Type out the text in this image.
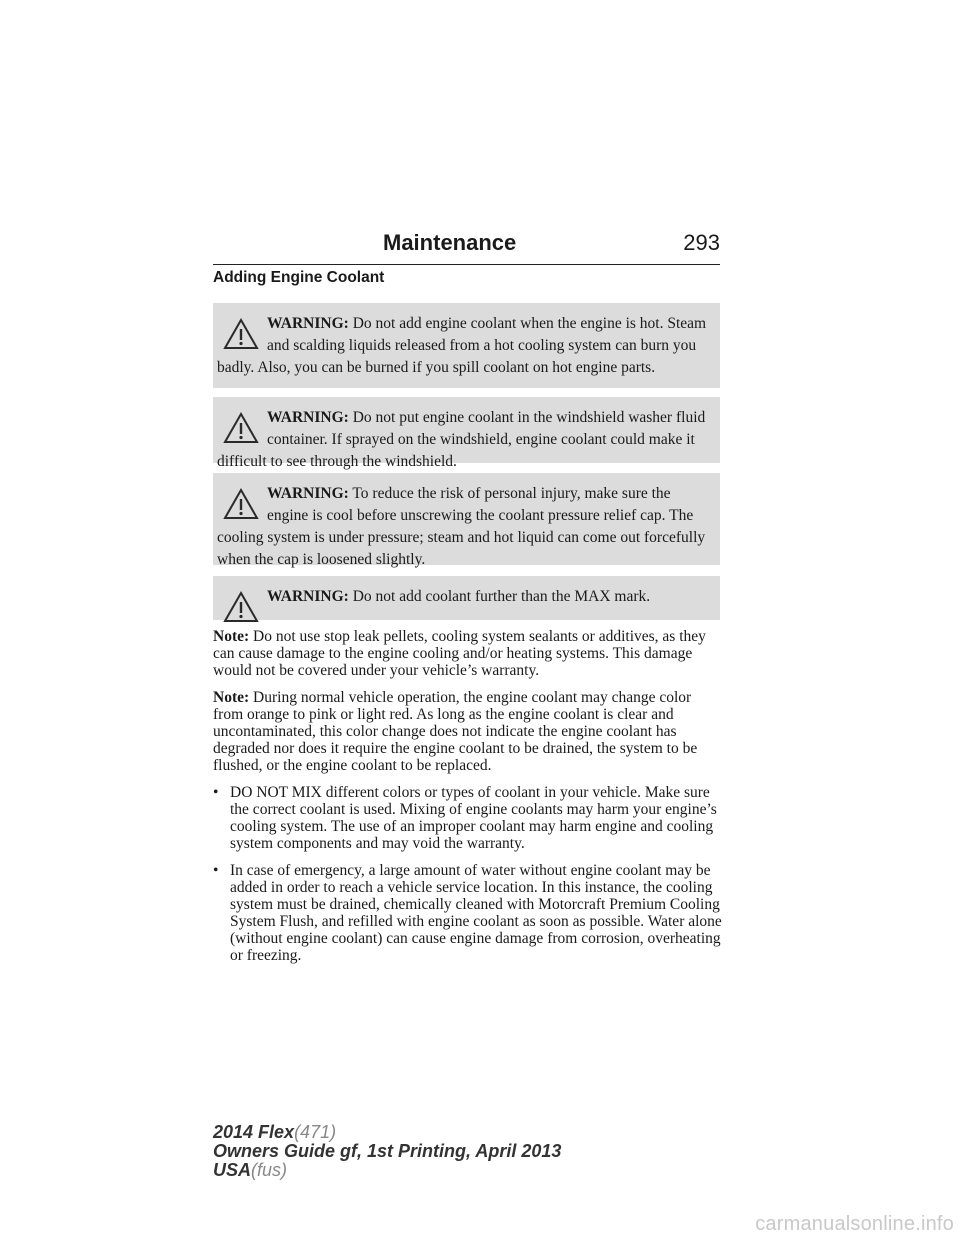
Maintenance	293
Adding Engine Coolant
WARNING: Do not add engine coolant when the engine is hot. Steam and scalding liquids released from a hot cooling system can burn you badly. Also, you can be burned if you spill coolant on hot engine parts.
WARNING: Do not put engine coolant in the windshield washer fluid container. If sprayed on the windshield, engine coolant could make it difficult to see through the windshield.
WARNING: To reduce the risk of personal injury, make sure the engine is cool before unscrewing the coolant pressure relief cap. The cooling system is under pressure; steam and hot liquid can come out forcefully when the cap is loosened slightly.
WARNING: Do not add coolant further than the MAX mark.

Note: Do not use stop leak pellets, cooling system sealants or additives, as they can cause damage to the engine cooling and/or heating systems. This damage would not be covered under your vehicle’s warranty.

Note: During normal vehicle operation, the engine coolant may change color from orange to pink or light red. As long as the engine coolant is clear and uncontaminated, this color change does not indicate the engine coolant has degraded nor does it require the engine coolant to be drained, the system to be flushed, or the engine coolant to be replaced.

• DO NOT MIX different colors or types of coolant in your vehicle. Make sure the correct coolant is used. Mixing of engine coolants may harm your engine’s cooling system. The use of an improper coolant may harm engine and cooling system components and may void the warranty.
• In case of emergency, a large amount of water without engine coolant may be added in order to reach a vehicle service location. In this instance, the cooling system must be drained, chemically cleaned with Motorcraft Premium Cooling System Flush, and refilled with engine coolant as soon as possible. Water alone (without engine coolant) can cause engine damage from corrosion, overheating or freezing.
2014 Flex(471)
Owners Guide gf, 1st Printing, April 2013
USA(fus)
carmanualsonline.info
